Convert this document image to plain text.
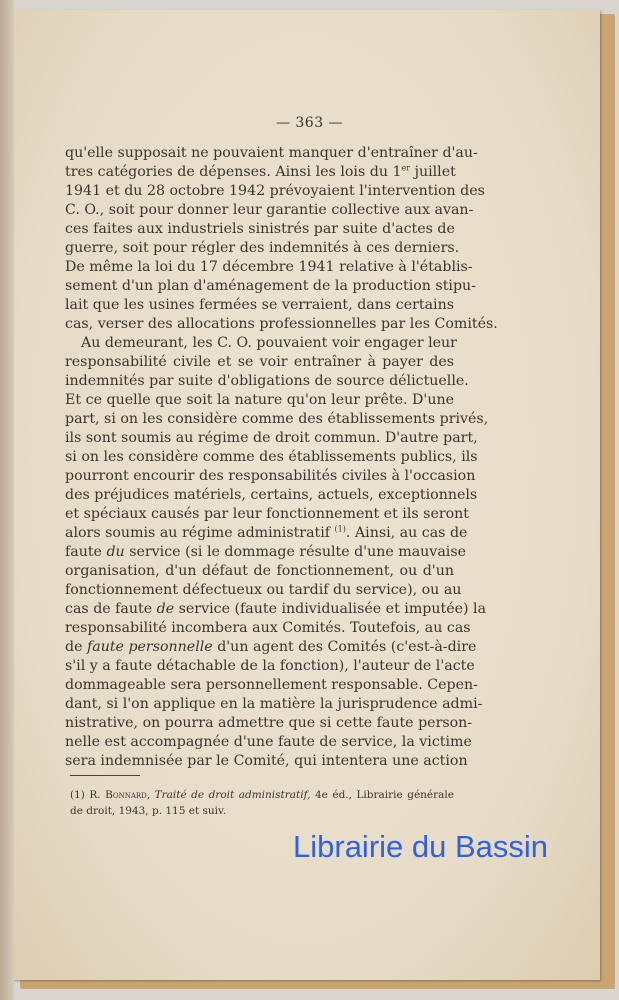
— 363 —
qu'elle supposait ne pouvaient manquer d'entraîner d'au-
tres catégories de dépenses. Ainsi les lois du 1er juillet
1941 et du 28 octobre 1942 prévoyaient l'intervention des
C. O., soit pour donner leur garantie collective aux avan-
ces faites aux industriels sinistrés par suite d'actes de
guerre, soit pour régler des indemnités à ces derniers.
De même la loi du 17 décembre 1941 relative à l'établis-
sement d'un plan d'aménagement de la production stipu-
lait que les usines fermées se verraient, dans certains
cas, verser des allocations professionnelles par les Comités.
Au demeurant, les C. O. pouvaient voir engager leur
responsabilité civile et se voir entraîner à payer des
indemnités par suite d'obligations de source délictuelle.
Et ce quelle que soit la nature qu'on leur prête. D'une
part, si on les considère comme des établissements privés,
ils sont soumis au régime de droit commun. D'autre part,
si on les considère comme des établissements publics, ils
pourront encourir des responsabilités civiles à l'occasion
des préjudices matériels, certains, actuels, exceptionnels
et spéciaux causés par leur fonctionnement et ils seront
alors soumis au régime administratif $^{(1)}$. Ainsi, au cas de
faute du service (si le dommage résulte d'une mauvaise
organisation, d'un défaut de fonctionnement, ou d'un
fonctionnement défectueux ou tardif du service), ou au
cas de faute de service (faute individualisée et imputée) la
responsabilité incombera aux Comités. Toutefois, au cas
de faute personnelle d'un agent des Comités (c'est-à-dire
s'il y a faute détachable de la fonction), l'auteur de l'acte
dommageable sera personnellement responsable. Cepen-
dant, si l'on applique en la matière la jurisprudence admi-
nistrative, on pourra admettre que si cette faute person-
nelle est accompagnée d'une faute de service, la victime
sera indemnisée par le Comité, qui intentera une action
(1) R. Bonnard, Traité de droit administratif, 4e éd., Librairie générale
de droit, 1943, p. 115 et suiv.
Librairie du Bassin
